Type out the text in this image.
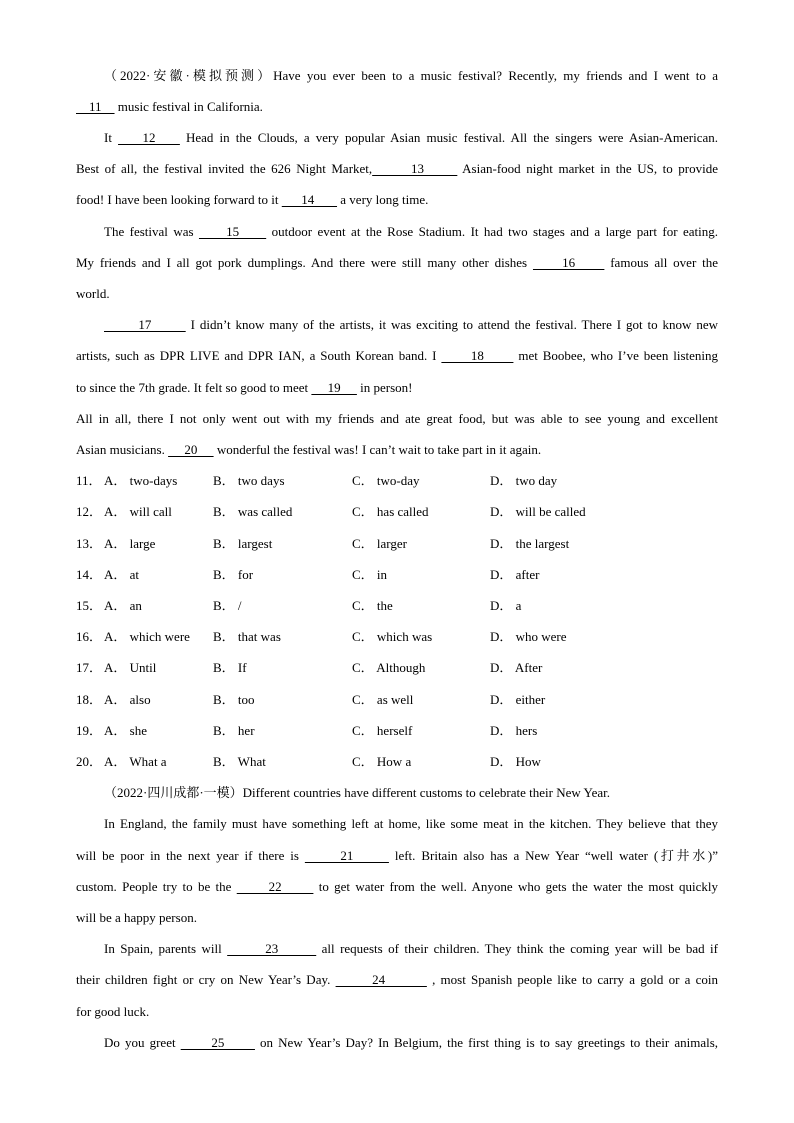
（2022·安徽·模拟预测）Have you ever been to a music festival? Recently, my friends and I went to a
11     music festival in California.
It     12     Head in the Clouds, a very popular Asian music festival. All the singers were Asian-American.
Best of all, the festival invited the 626 Night Market,       13       Asian-food night market in the US, to provide
food! I have been looking forward to it       14        a very long time.
The festival was      15      outdoor event at the Rose Stadium. It had two stages and a large part for eating.
My friends and I all got pork dumplings. And there were still many other dishes      16      famous all over the
world.
17        I didn’t know many of the artists, it was exciting to attend the festival. There I got to know new
artists, such as DPR LIVE and DPR IAN, a South Korean band. I       18       met Boobee, who I’ve been listening
to since the 7th grade. It felt so good to meet      19      in person!
All in all, there I not only went out with my friends and ate great food, but was able to see young and excellent
Asian musicians.      20      wonderful the festival was! I can’t wait to take part in it again.
11． A． two-days	B． two days	C． two-day	D． two day
12． A． will call	B． was called	C． has called	D． will be called
13． A． large	B． largest	C． larger	D． the largest
14． A． at	B． for	C． in	D． after
15． A． an	B． /	C． the	D． a
16． A． which were B． that was	C． which was	D． who were
17． A． Until	B． If	C． Although	D． After
18． A． also	B． too	C． as well	D． either
19． A． she	B． her	C． herself	D． hers
20． A． What a	B． What	C． How a	D． How
（2022·四川成都·一模）Different countries have different customs to celebrate their New Year.
In England, the family must have something left at home, like some meat in the kitchen. They believe that they
will be poor in the next year if there is       21       left. Britain also has a New Year “well water (打井水)”
custom. People try to be the       22       to get water from the well. Anyone who gets the water the most quickly
will be a happy person.
In Spain, parents will        23        all requests of their children. They think the coming year will be bad if
their children fight or cry on New Year’s Day.        24         , most Spanish people like to carry a gold or a coin
for good luck.
Do you greet       25       on New Year’s Day? In Belgium, the first thing is to say greetings to their animals,
